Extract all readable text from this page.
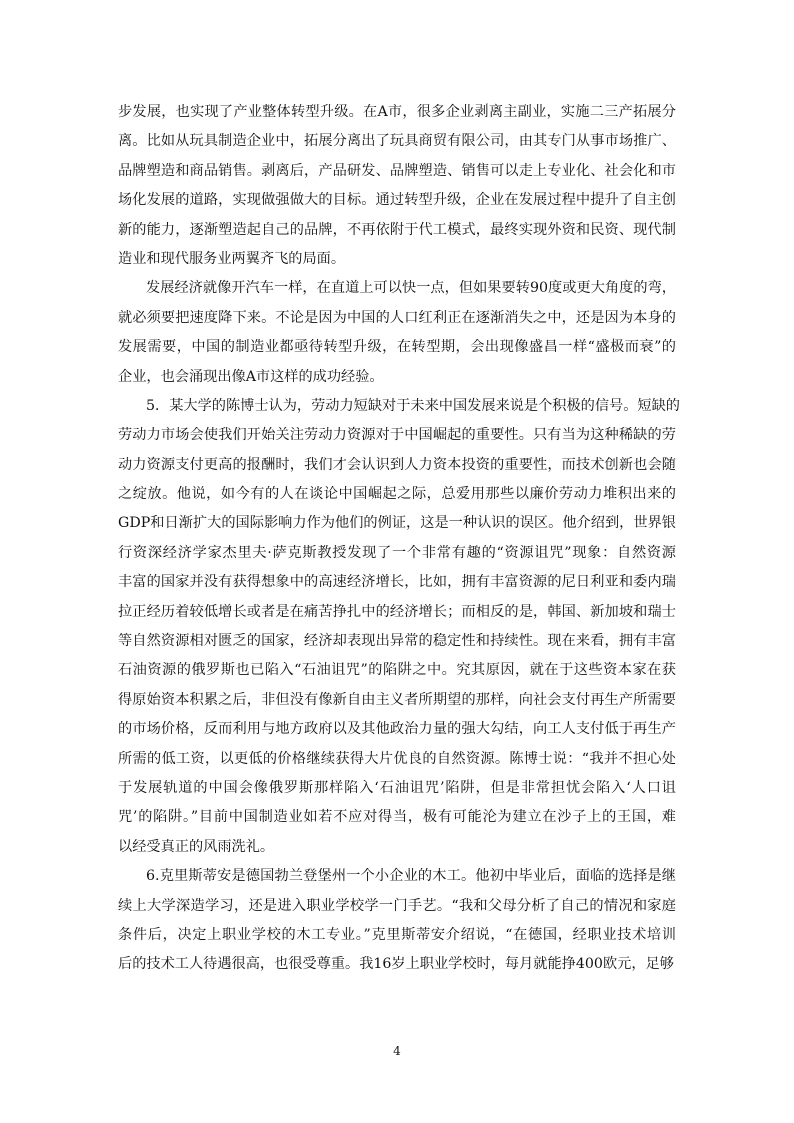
步发展，也实现了产业整体转型升级。在A市，很多企业剥离主副业，实施二三产拓展分
离。比如从玩具制造企业中，拓展分离出了玩具商贸有限公司，由其专门从事市场推广、
品牌塑造和商品销售。剥离后，产品研发、品牌塑造、销售可以走上专业化、社会化和市
场化发展的道路，实现做强做大的目标。通过转型升级，企业在发展过程中提升了自主创
新的能力，逐渐塑造起自己的品牌，不再依附于代工模式，最终实现外资和民资、现代制
造业和现代服务业两翼齐飞的局面。
发展经济就像开汽车一样，在直道上可以快一点，但如果要转90度或更大角度的弯，
就必须要把速度降下来。不论是因为中国的人口红利正在逐渐消失之中，还是因为本身的
发展需要，中国的制造业都亟待转型升级，在转型期，会出现像盛昌一样“盛极而衰”的
企业，也会涌现出像A市这样的成功经验。
5．某大学的陈博士认为，劳动力短缺对于未来中国发展来说是个积极的信号。短缺的
劳动力市场会使我们开始关注劳动力资源对于中国崛起的重要性。只有当为这种稀缺的劳
动力资源支付更高的报酬时，我们才会认识到人力资本投资的重要性，而技术创新也会随
之绽放。他说，如今有的人在谈论中国崛起之际，总爱用那些以廉价劳动力堆积出来的
GDP和日渐扩大的国际影响力作为他们的例证，这是一种认识的误区。他介绍到，世界银
行资深经济学家杰里夫·萨克斯教授发现了一个非常有趣的“资源诅咒”现象：自然资源
丰富的国家并没有获得想象中的高速经济增长，比如，拥有丰富资源的尼日利亚和委内瑞
拉正经历着较低增长或者是在痛苦挣扎中的经济增长；而相反的是，韩国、新加坡和瑞士
等自然资源相对匮乏的国家，经济却表现出异常的稳定性和持续性。现在来看，拥有丰富
石油资源的俄罗斯也已陷入“石油诅咒”的陷阱之中。究其原因，就在于这些资本家在获
得原始资本积累之后，非但没有像新自由主义者所期望的那样，向社会支付再生产所需要
的市场价格，反而利用与地方政府以及其他政治力量的强大勾结，向工人支付低于再生产
所需的低工资，以更低的价格继续获得大片优良的自然资源。陈博士说：“我并不担心处
于发展轨道的中国会像俄罗斯那样陷入‘石油诅咒’陷阱，但是非常担忧会陷入‘人口诅
咒’的陷阱。”目前中国制造业如若不应对得当，极有可能沦为建立在沙子上的王国，难
以经受真正的风雨洗礼。
6.克里斯蒂安是德国勃兰登堡州一个小企业的木工。他初中毕业后，面临的选择是继
续上大学深造学习，还是进入职业学校学一门手艺。“我和父母分析了自己的情况和家庭
条件后，决定上职业学校的木工专业。”克里斯蒂安介绍说，“在德国，经职业技术培训
后的技术工人待遇很高，也很受尊重。我16岁上职业学校时，每月就能挣400欧元，足够
4
